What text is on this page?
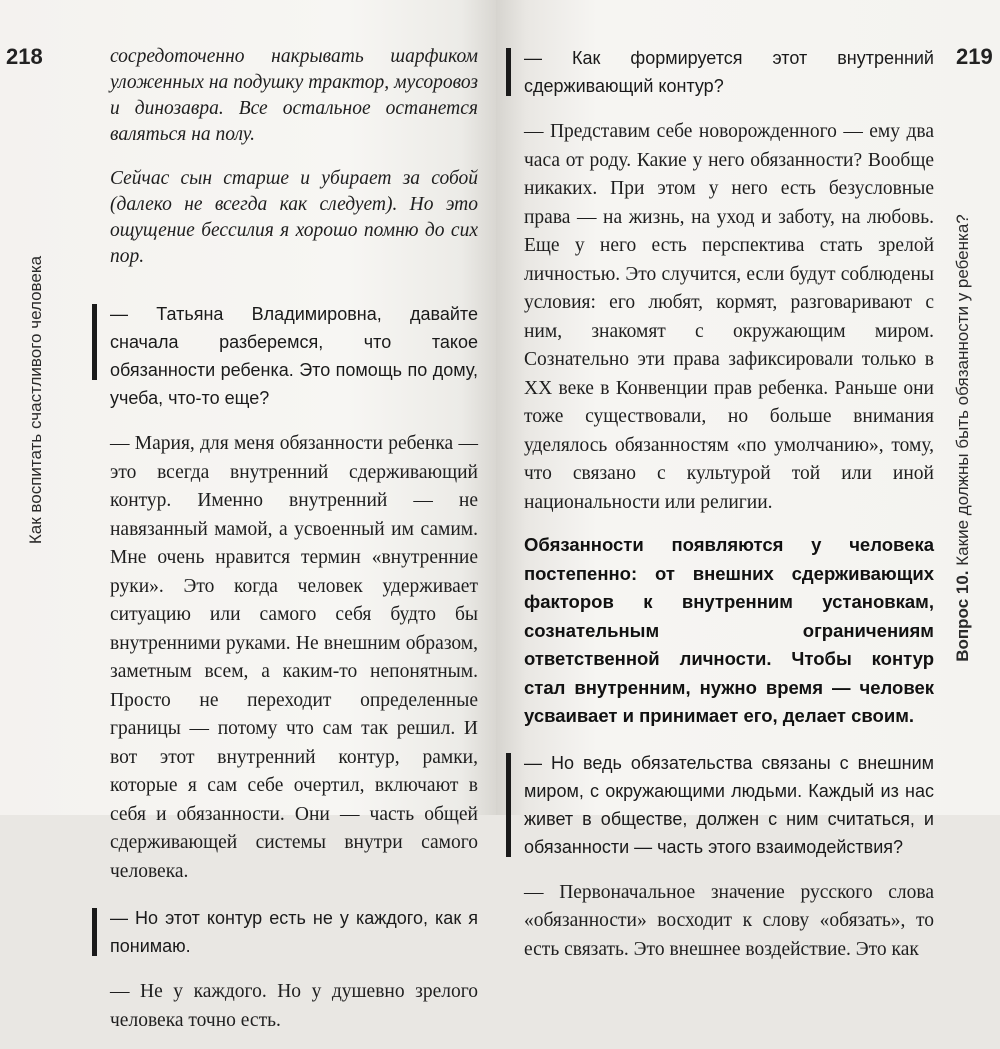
218
Как воспитать счастливого человека

сосредоточенно накрывать шарфиком уложенных на подушку трактор, мусоровоз и динозавра. Все остальное останется валяться на полу.

Сейчас сын старше и убирает за собой (далеко не всегда как следует). Но это ощущение бессилия я хорошо помню до сих пор.

— Татьяна Владимировна, давайте сначала разберемся, что такое обязанности ребенка. Это помощь по дому, учеба, что-то еще?

— Мария, для меня обязанности ребенка — это всегда внутренний сдерживающий контур. Именно внутренний — не навязанный мамой, а усвоенный им самим. Мне очень нравится термин «внутренние руки». Это когда человек удерживает ситуацию или самого себя будто бы внутренними руками. Не внешним образом, заметным всем, а каким-то непонятным. Просто не переходит определенные границы — потому что сам так решил. И вот этот внутренний контур, рамки, которые я сам себе очертил, включают в себя и обязанности. Они — часть общей сдерживающей системы внутри самого человека.

— Но этот контур есть не у каждого, как я понимаю.

— Не у каждого. Но у душевно зрелого человека точно есть.

219
— Как формируется этот внутренний сдерживающий контур?

— Представим себе новорожденного — ему два часа от роду. Какие у него обязанности? Вообще никаких. При этом у него есть безусловные права — на жизнь, на уход и заботу, на любовь. Еще у него есть перспектива стать зрелой личностью. Это случится, если будут соблюдены условия: его любят, кормят, разговаривают с ним, знакомят с окружающим миром. Сознательно эти права зафиксировали только в XX веке в Конвенции прав ребенка. Раньше они тоже существовали, но больше внимания уделялось обязанностям «по умолчанию», тому, что связано с культурой той или иной национальности или религии.

Обязанности появляются у человека постепенно: от внешних сдерживающих факторов к внутренним установкам, сознательным ограничениям ответственной личности. Чтобы контур стал внутренним, нужно время — человек усваивает и принимает его, делает своим.

— Но ведь обязательства связаны с внешним миром, с окружающими людьми. Каждый из нас живет в обществе, должен с ним считаться, и обязанности — часть этого взаимодействия?

— Первоначальное значение русского слова «обязанности» восходит к слову «обязать», то есть связать. Это внешнее воздействие. Это как

Вопрос 10. Какие должны быть обязанности у ребенка?
